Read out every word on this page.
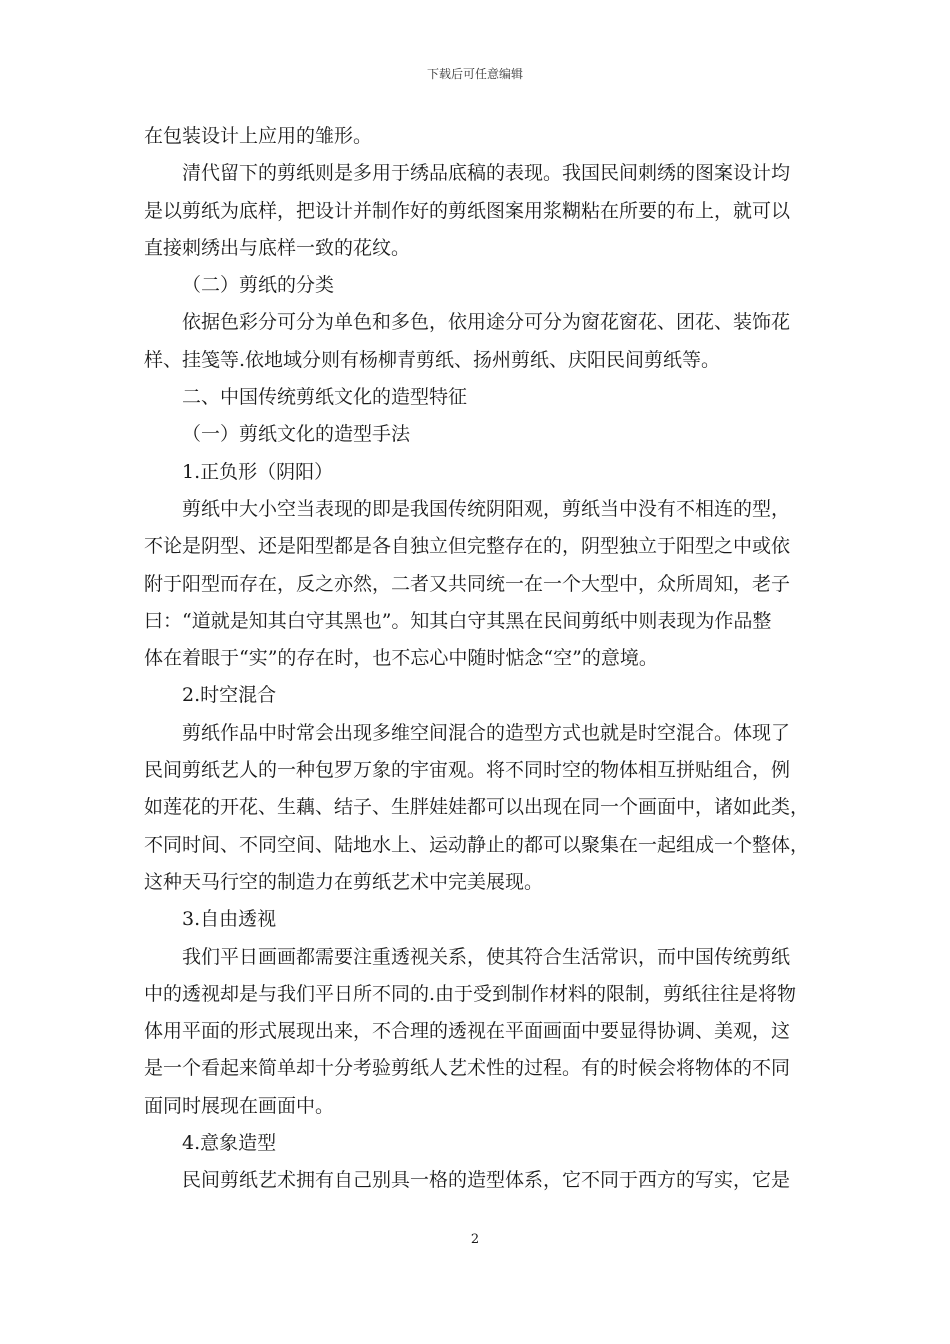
下载后可任意编辑

在包装设计上应用的雏形。

清代留下的剪纸则是多用于绣品底稿的表现。我国民间刺绣的图案设计均

是以剪纸为底样，把设计并制作好的剪纸图案用浆糊粘在所要的布上，就可以

直接刺绣出与底样一致的花纹。

（二）剪纸的分类

依据色彩分可分为单色和多色，依用途分可分为窗花窗花、团花、装饰花

样、挂笺等.依地域分则有杨柳青剪纸、扬州剪纸、庆阳民间剪纸等。

二、中国传统剪纸文化的造型特征

（一）剪纸文化的造型手法

1.正负形（阴阳）

剪纸中大小空当表现的即是我国传统阴阳观，剪纸当中没有不相连的型，

不论是阴型、还是阳型都是各自独立但完整存在的，阴型独立于阳型之中或依

附于阳型而存在，反之亦然，二者又共同统一在一个大型中，众所周知，老子

曰：“道就是知其白守其黑也”。知其白守其黑在民间剪纸中则表现为作品整

体在着眼于“实”的存在时，也不忘心中随时惦念“空”的意境。

2.时空混合

剪纸作品中时常会出现多维空间混合的造型方式也就是时空混合。体现了

民间剪纸艺人的一种包罗万象的宇宙观。将不同时空的物体相互拼贴组合，例

如莲花的开花、生藕、结子、生胖娃娃都可以出现在同一个画面中，诸如此类，

不同时间、不同空间、陆地水上、运动静止的都可以聚集在一起组成一个整体，

这种天马行空的制造力在剪纸艺术中完美展现。

3.自由透视

我们平日画画都需要注重透视关系，使其符合生活常识，而中国传统剪纸

中的透视却是与我们平日所不同的.由于受到制作材料的限制，剪纸往往是将物

体用平面的形式展现出来，不合理的透视在平面画面中要显得协调、美观，这

是一个看起来简单却十分考验剪纸人艺术性的过程。有的时候会将物体的不同

面同时展现在画面中。

4.意象造型

民间剪纸艺术拥有自己别具一格的造型体系，它不同于西方的写实，它是

2
